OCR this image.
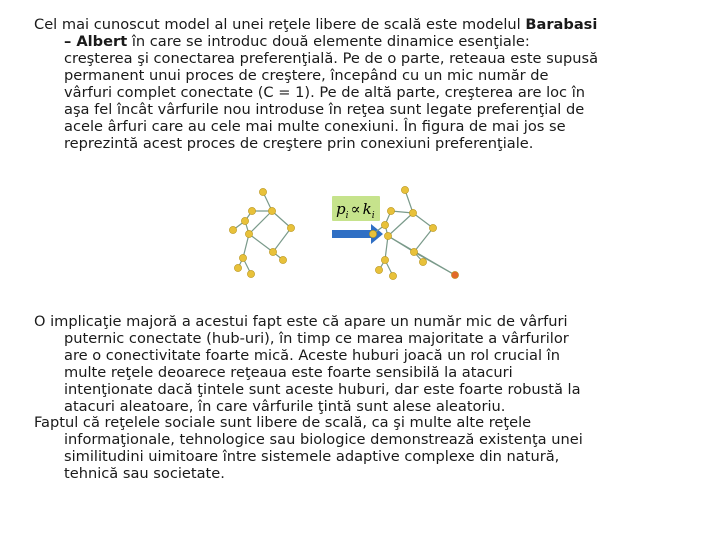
Cel mai cunoscut model al unei reţele libere de scală este modelul Barabasi
– Albert în care se introduc două elemente dinamice esenţiale:
creşterea şi conectarea preferenţială. Pe de o parte, reteaua este supusă
permanent unui proces de creştere, începând cu un mic număr de
vârfuri complet conectate (C = 1). Pe de altă parte, creşterea are loc în
aşa fel încât vârfurile nou introduse în reţea sunt legate preferenţial de
acele ârfuri care au cele mai multe conexiuni. În figura de mai jos se
reprezintă acest proces de creştere prin conexiuni preferenţiale.
$p_i \propto k_i$
O implicaţie majoră a acestui fapt este că apare un număr mic de vârfuri
puternic conectate (hub-uri), în timp ce marea majoritate a vârfurilor
are o conectivitate foarte mică. Aceste huburi joacă un rol crucial în
multe reţele deoarece reţeaua este foarte sensibilă la atacuri
intenţionate dacă ţintele sunt aceste huburi, dar este foarte robustă la
atacuri aleatoare, în care vârfurile ţintă sunt alese aleatoriu.
Faptul că reţelele sociale sunt libere de scală, ca şi multe alte reţele
informaţionale, tehnologice sau biologice demonstrează existenţa unei
similitudini uimitoare între sistemele adaptive complexe din natură,
tehnică sau societate.
